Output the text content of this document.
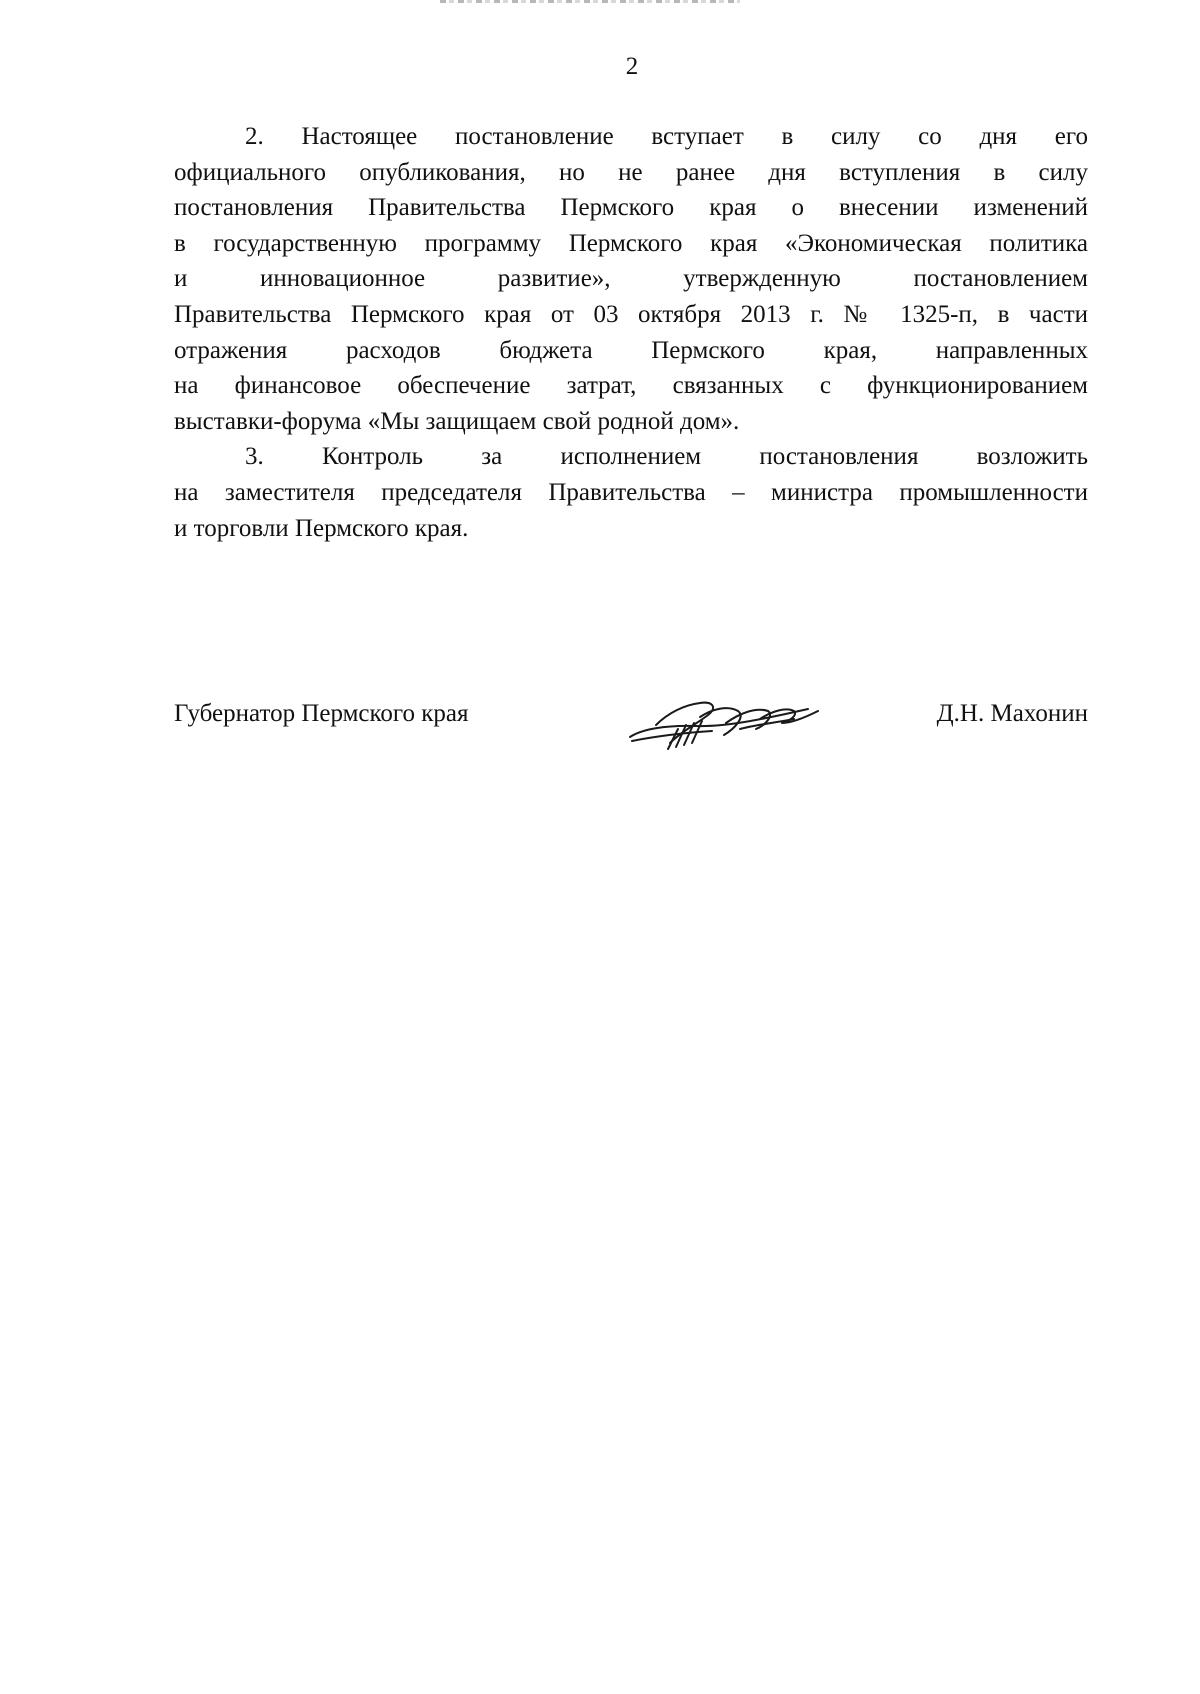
2

2. Настоящее постановление вступает в силу со дня его
официального опубликования, но не ранее дня вступления в силу
постановления Правительства Пермского края о внесении изменений
в государственную программу Пермского края «Экономическая политика
и инновационное развитие», утвержденную постановлением
Правительства Пермского края от 03 октября 2013 г. № 1325-п, в части
отражения расходов бюджета Пермского края, направленных
на финансовое обеспечение затрат, связанных с функционированием
выставки-форума «Мы защищаем свой родной дом».

3. Контроль за исполнением постановления возложить
на заместителя председателя Правительства – министра промышленности
и торговли Пермского края.

Губернатор Пермского края	Д.Н. Махонин
